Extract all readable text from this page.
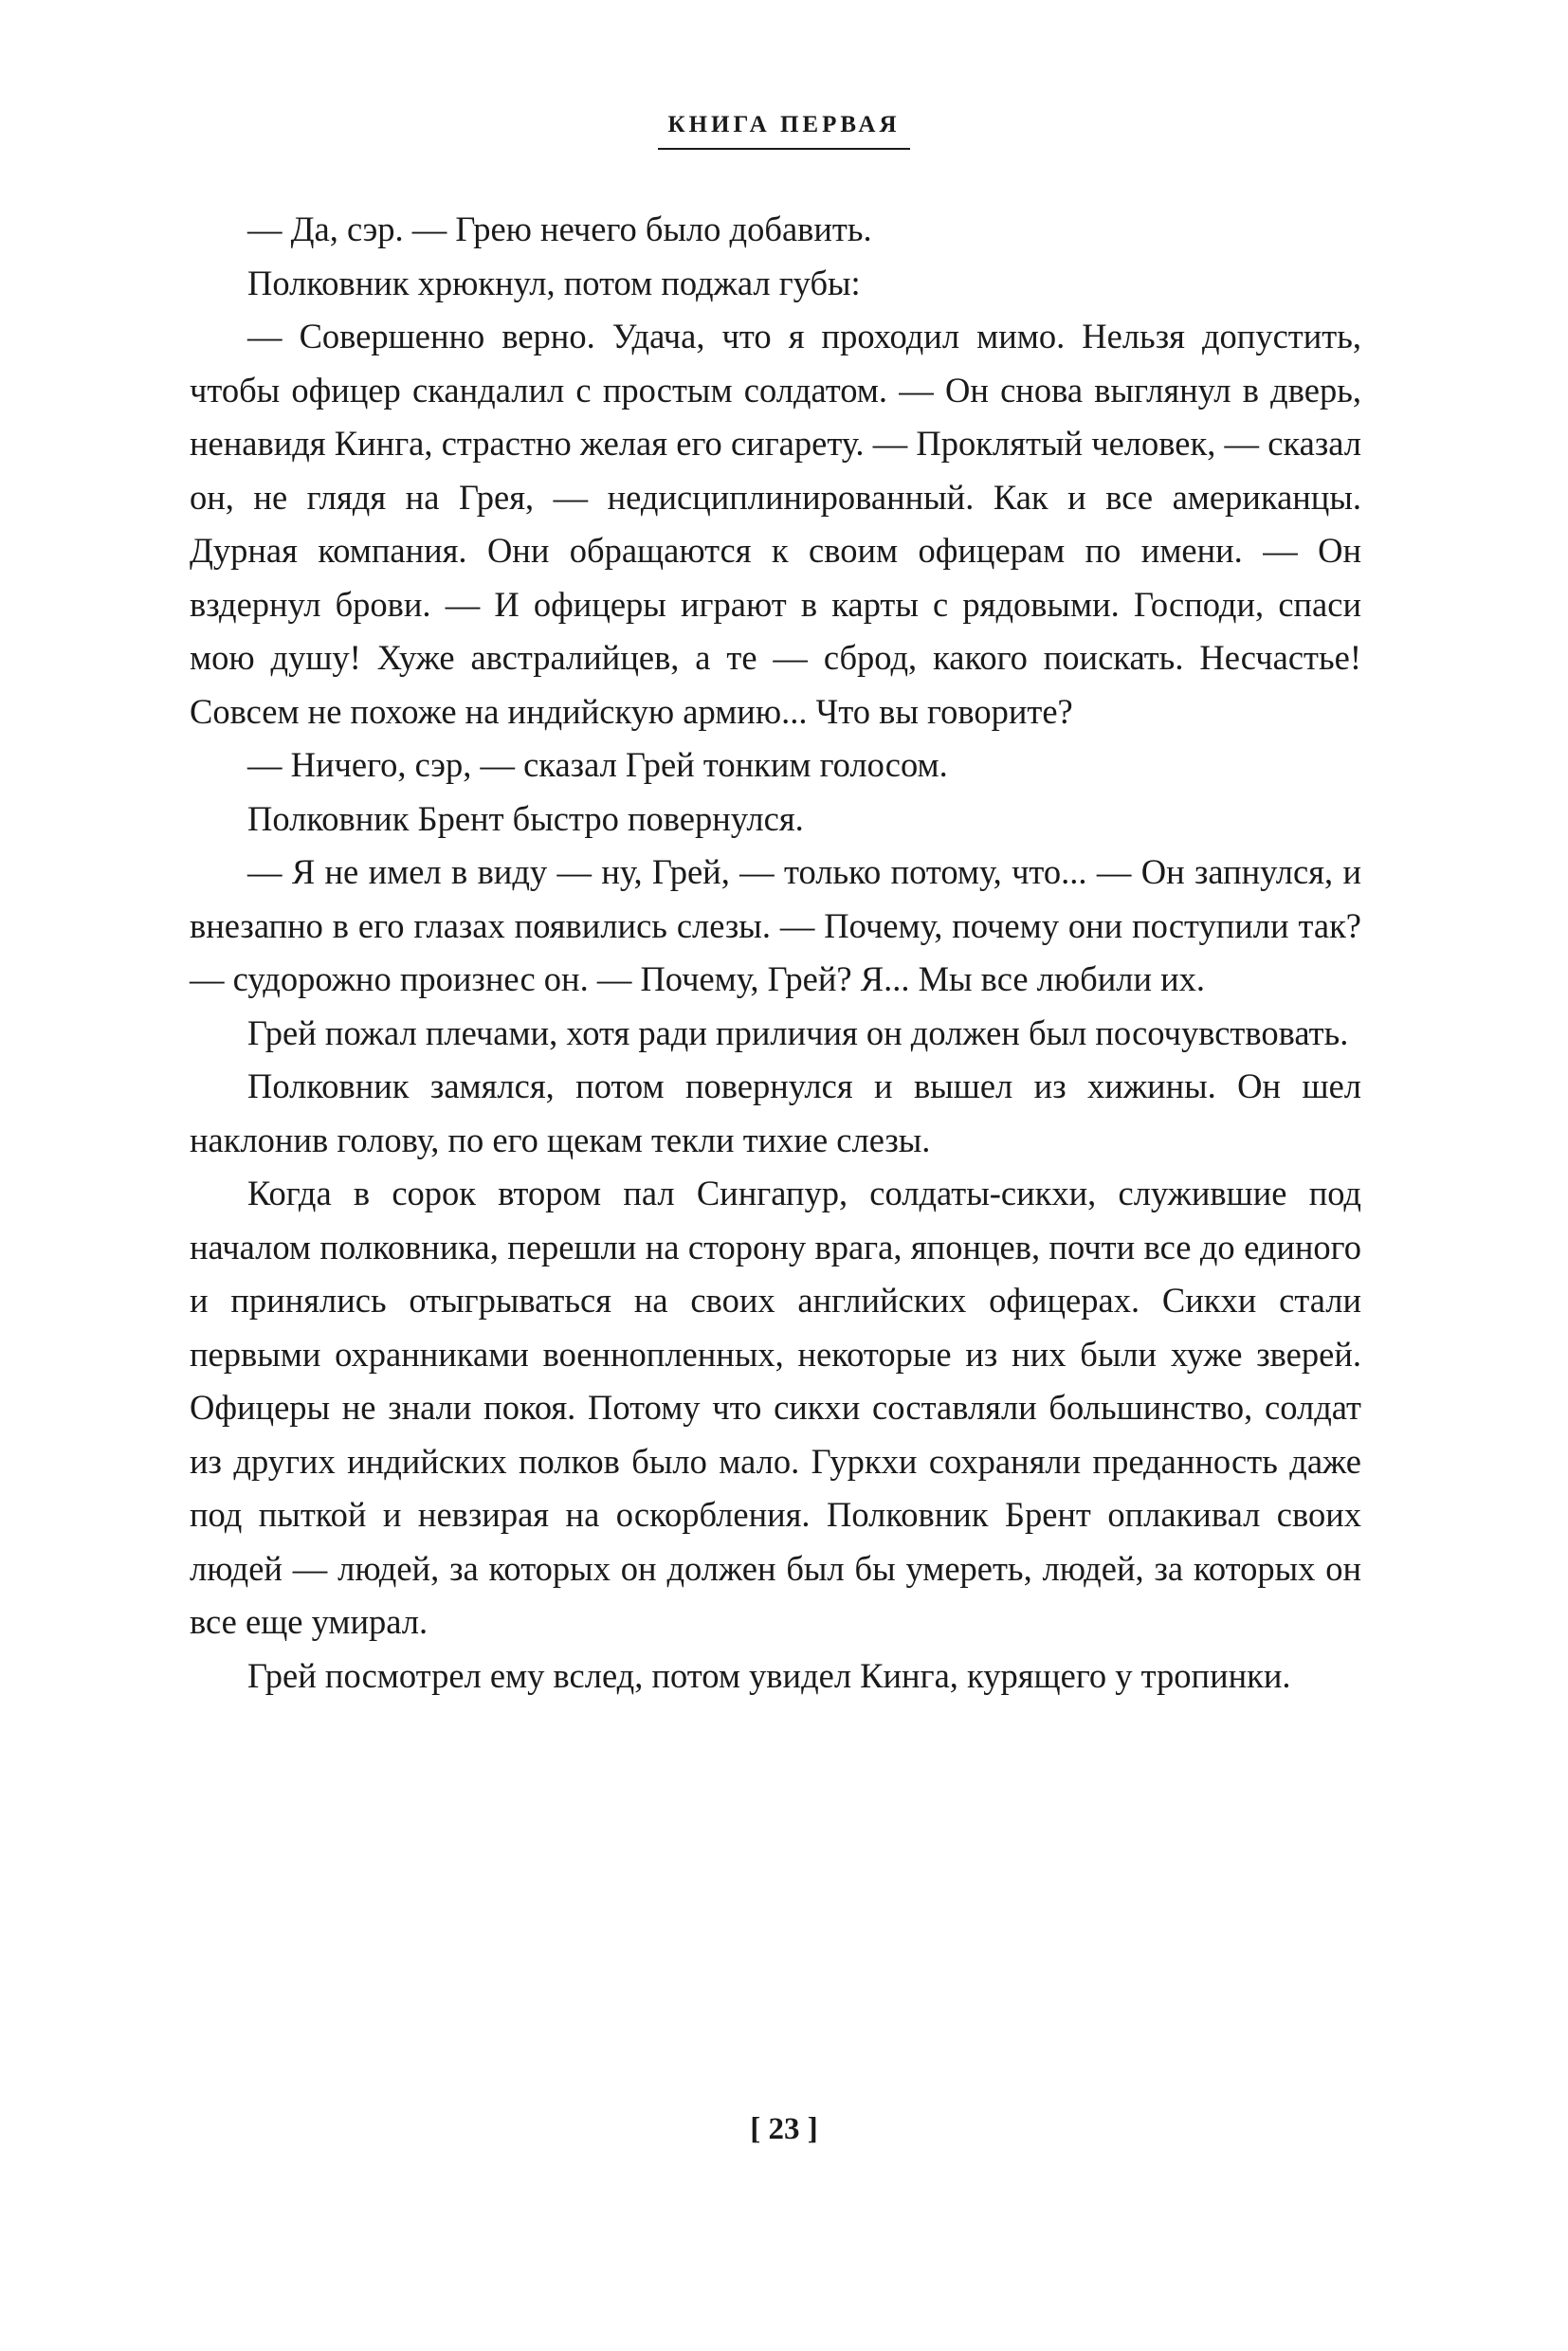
КНИГА ПЕРВАЯ

— Да, сэр. — Грею нечего было добавить.

Полковник хрюкнул, потом поджал губы:

— Совершенно верно. Удача, что я проходил мимо. Нельзя допустить, чтобы офицер скандалил с простым солдатом. — Он снова выглянул в дверь, ненавидя Кинга, страстно желая его сигарету. — Проклятый человек, — сказал он, не глядя на Грея, — недисциплинированный. Как и все американцы. Дурная компания. Они обращаются к своим офицерам по имени. — Он вздернул брови. — И офицеры играют в карты с рядовыми. Господи, спаси мою душу! Хуже австралийцев, а те — сброд, какого поискать. Несчастье! Совсем не похоже на индийскую армию... Что вы говорите?

— Ничего, сэр, — сказал Грей тонким голосом.

Полковник Брент быстро повернулся.

— Я не имел в виду — ну, Грей, — только потому, что... — Он запнулся, и внезапно в его глазах появились слезы. — Почему, почему они поступили так? — судорожно произнес он. — Почему, Грей? Я... Мы все любили их.

Грей пожал плечами, хотя ради приличия он должен был посочувствовать.

Полковник замялся, потом повернулся и вышел из хижины. Он шел наклонив голову, по его щекам текли тихие слезы.

Когда в сорок втором пал Сингапур, солдаты-сикхи, служившие под началом полковника, перешли на сторону врага, японцев, почти все до единого и принялись отыгрываться на своих английских офицерах. Сикхи стали первыми охранниками военнопленных, некоторые из них были хуже зверей. Офицеры не знали покоя. Потому что сикхи составляли большинство, солдат из других индийских полков было мало. Гуркхи сохраняли преданность даже под пыткой и невзирая на оскорбления. Полковник Брент оплакивал своих людей — людей, за которых он должен был бы умереть, людей, за которых он все еще умирал.

Грей посмотрел ему вслед, потом увидел Кинга, курящего у тропинки.

[ 23 ]
